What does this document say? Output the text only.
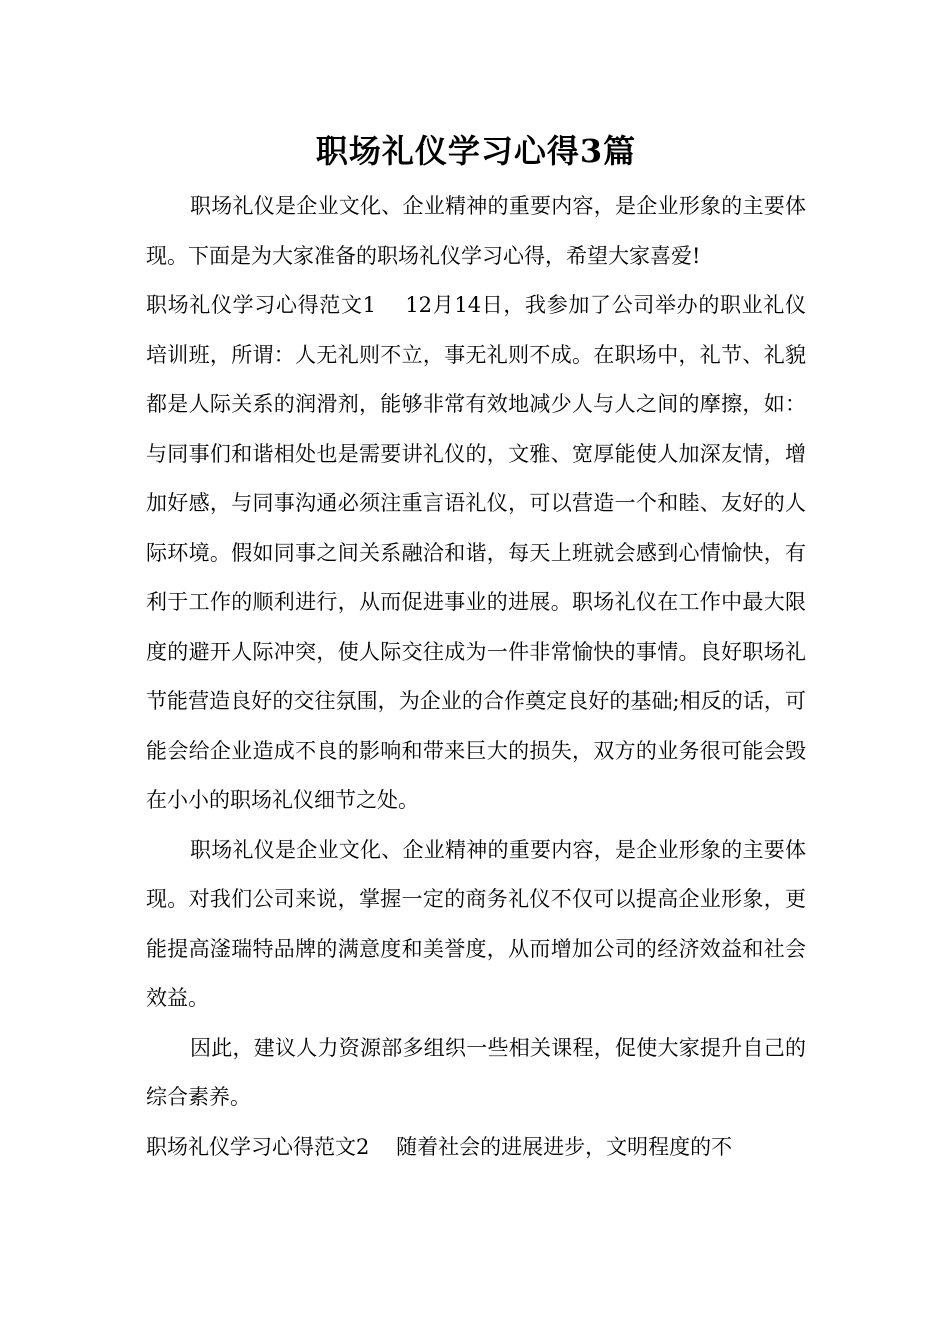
职场礼仪学习心得3篇

职场礼仪是企业文化、企业精神的重要内容，是企业形象的主要体现。下面是为大家准备的职场礼仪学习心得，希望大家喜爱!

职场礼仪学习心得范文1 12月14日，我参加了公司举办的职业礼仪培训班，所谓：人无礼则不立，事无礼则不成。在职场中，礼节、礼貌都是人际关系的润滑剂，能够非常有效地减少人与人之间的摩擦，如：与同事们和谐相处也是需要讲礼仪的，文雅、宽厚能使人加深友情，增加好感，与同事沟通必须注重言语礼仪，可以营造一个和睦、友好的人际环境。假如同事之间关系融洽和谐，每天上班就会感到心情愉快，有利于工作的顺利进行，从而促进事业的进展。职场礼仪在工作中最大限度的避开人际冲突，使人际交往成为一件非常愉快的事情。良好职场礼节能营造良好的交往氛围，为企业的合作奠定良好的基础;相反的话，可能会给企业造成不良的影响和带来巨大的损失，双方的业务很可能会毁在小小的职场礼仪细节之处。

职场礼仪是企业文化、企业精神的重要内容，是企业形象的主要体现。对我们公司来说，掌握一定的商务礼仪不仅可以提高企业形象，更能提高滏瑞特品牌的满意度和美誉度，从而增加公司的经济效益和社会效益。

因此，建议人力资源部多组织一些相关课程，促使大家提升自己的综合素养。

职场礼仪学习心得范文2 随着社会的进展进步，文明程度的不
